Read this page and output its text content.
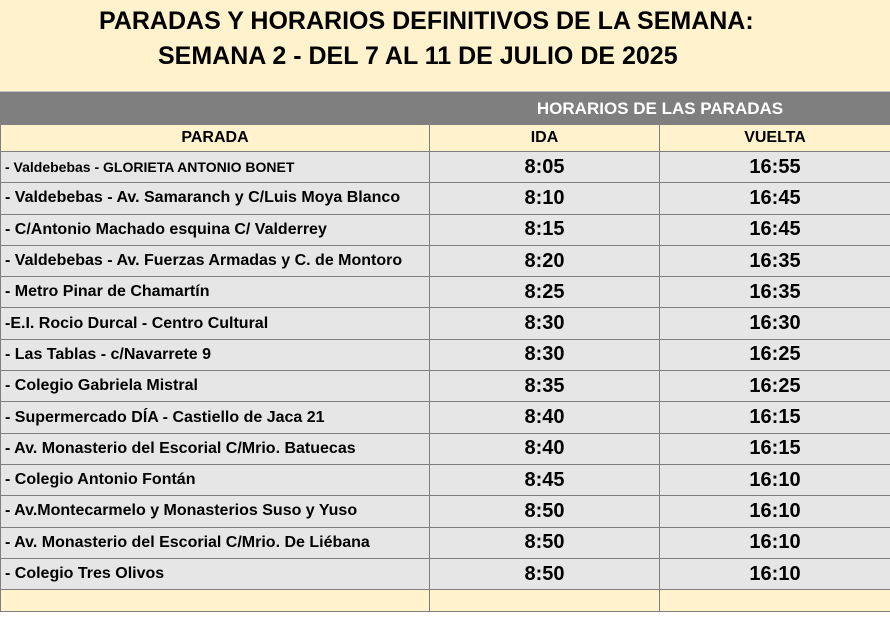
PARADAS Y HORARIOS DEFINITIVOS DE LA SEMANA:
SEMANA 2 - DEL 7 AL 11 DE JULIO DE 2025
	HORARIOS DE LAS PARADAS	
PARADA	IDA	VUELTA
- Valdebebas - GLORIETA ANTONIO BONET	8:05	16:55
- Valdebebas - Av. Samaranch y C/Luis Moya Blanco	8:10	16:45
- C/Antonio Machado esquina C/ Valderrey	8:15	16:45
- Valdebebas - Av. Fuerzas Armadas y C. de Montoro	8:20	16:35
- Metro Pinar de Chamartín	8:25	16:35
-E.I. Rocio Durcal - Centro Cultural	8:30	16:30
- Las Tablas - c/Navarrete 9	8:30	16:25
- Colegio Gabriela Mistral	8:35	16:25
- Supermercado DÍA - Castiello de Jaca 21	8:40	16:15
- Av. Monasterio del Escorial C/Mrio. Batuecas	8:40	16:15
- Colegio Antonio Fontán	8:45	16:10
- Av.Montecarmelo y Monasterios Suso y Yuso	8:50	16:10
- Av. Monasterio del Escorial C/Mrio. De Liébana	8:50	16:10
- Colegio Tres Olivos	8:50	16:10
